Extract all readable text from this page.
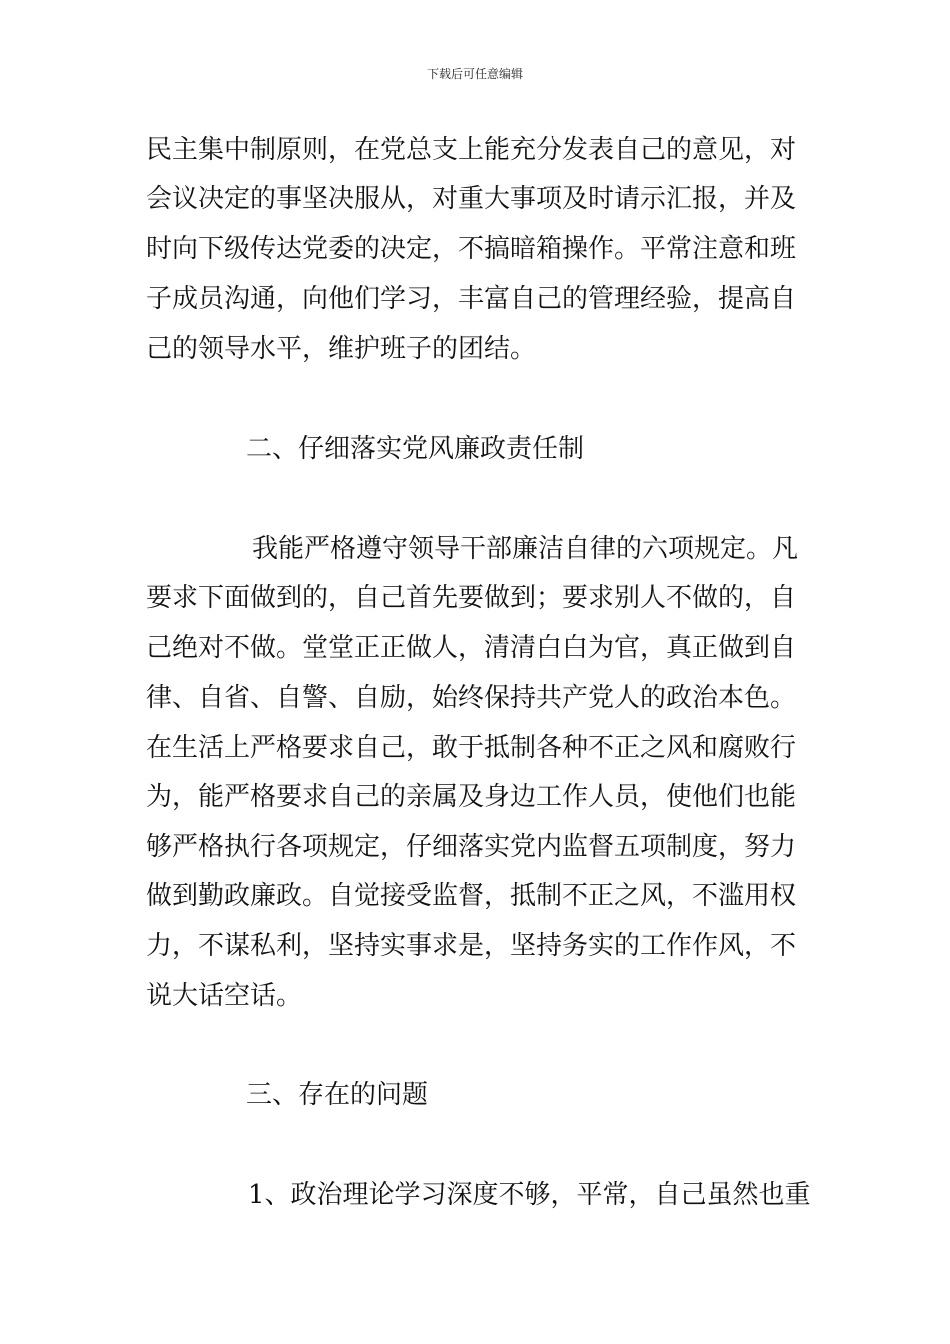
下载后可任意编辑
民主集中制原则，在党总支上能充分发表自己的意见，对
会议决定的事坚决服从，对重大事项及时请示汇报，并及
时向下级传达党委的决定，不搞暗箱操作。平常注意和班
子成员沟通，向他们学习，丰富自己的管理经验，提高自
己的领导水平，维护班子的团结。
二、仔细落实党风廉政责任制
我能严格遵守领导干部廉洁自律的六项规定。凡
要求下面做到的，自己首先要做到；要求别人不做的，自
己绝对不做。堂堂正正做人，清清白白为官，真正做到自
律、自省、自警、自励，始终保持共产党人的政治本色。
在生活上严格要求自己，敢于抵制各种不正之风和腐败行
为，能严格要求自己的亲属及身边工作人员，使他们也能
够严格执行各项规定，仔细落实党内监督五项制度，努力
做到勤政廉政。自觉接受监督，抵制不正之风，不滥用权
力，不谋私利，坚持实事求是，坚持务实的工作作风，不
说大话空话。
三、存在的问题
1、政治理论学习深度不够，平常，自己虽然也重
